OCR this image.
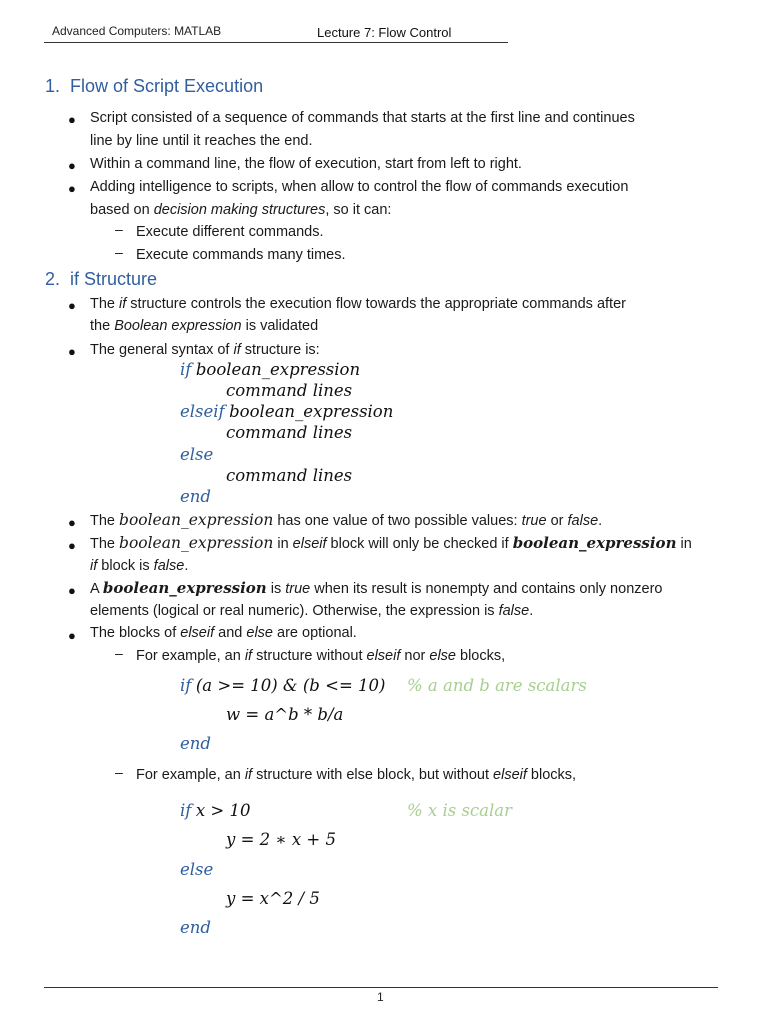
Advanced Computers: MATLAB	Lecture 7: Flow Control
1.  Flow of Script Execution
● Script consisted of a sequence of commands that starts at the first line and continues
line by line until it reaches the end.
● Within a command line, the flow of execution, start from left to right.
● Adding intelligence to scripts, when allow to control the flow of commands execution
based on decision making structures, so it can:
– Execute different commands.
– Execute commands many times.
2.  if Structure
● The if structure controls the execution flow towards the appropriate commands after
the Boolean expression is validated
● The general syntax of if structure is:
if boolean_expression
command lines
elseif boolean_expression
command lines
else
command lines
end
● The boolean_expression has one value of two possible values: true or false.
● The boolean_expression in elseif block will only be checked if boolean_expression in
if block is false.
● A boolean_expression is true when its result is nonempty and contains only nonzero
elements (logical or real numeric). Otherwise, the expression is false.
● The blocks of elseif and else are optional.
– For example, an if structure without elseif nor else blocks,
if (a >= 10) & (b <= 10) % a and b are scalars
w = a^b * b/a
end
– For example, an if structure with else block, but without elseif blocks,
if x > 10	% x is scalar
y = 2 ∗ x + 5
else
y = x^2 / 5
end
1
